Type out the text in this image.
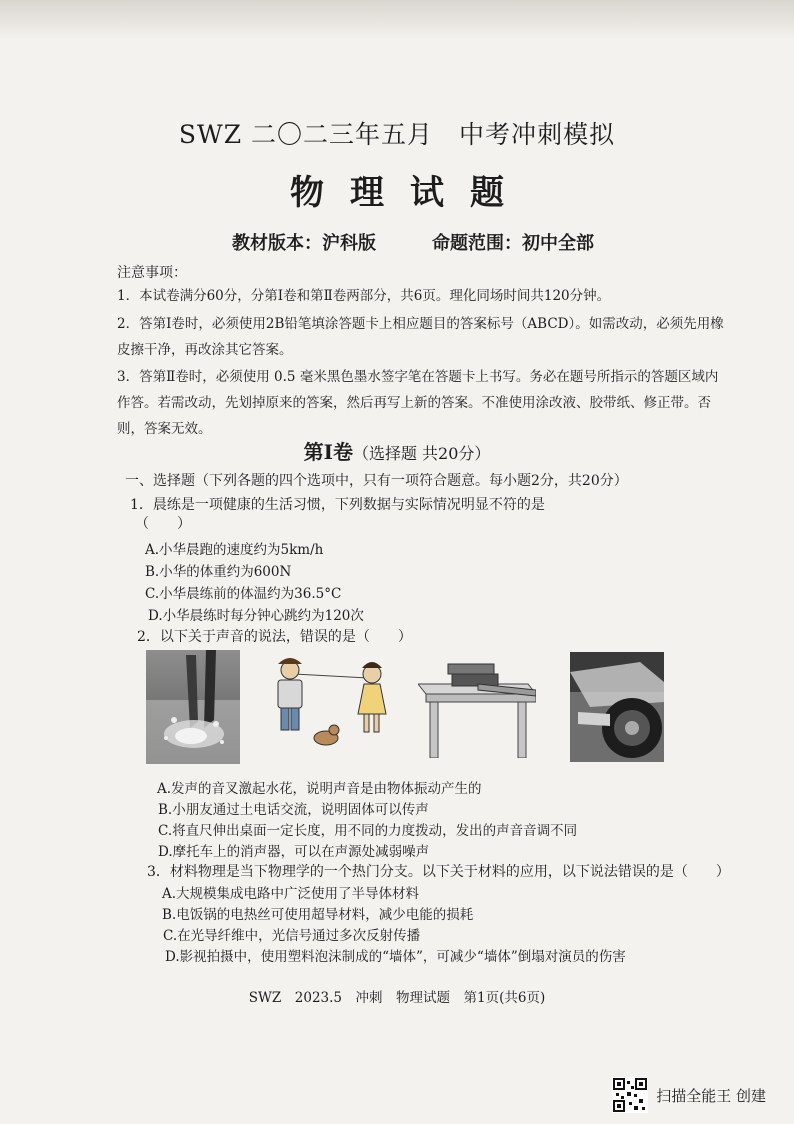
SWZ 二〇二三年五月　中考冲刺模拟
物理试题
教材版本：沪科版	命题范围：初中全部
注意事项：
1．本试卷满分60分，分第Ⅰ卷和第Ⅱ卷两部分，共6页。理化同场时间共120分钟。
2．答第Ⅰ卷时，必须使用2B铅笔填涂答题卡上相应题目的答案标号（ABCD）。如需改动，必须先用橡皮擦干净，再改涂其它答案。
3．答第Ⅱ卷时，必须使用 0.5 毫米黑色墨水签字笔在答题卡上书写。务必在题号所指示的答题区域内作答。若需改动，先划掉原来的答案，然后再写上新的答案。不准使用涂改液、胶带纸、修正带。否则，答案无效。
第Ⅰ卷（选择题 共20分）
一、选择题（下列各题的四个选项中，只有一项符合题意。每小题2分，共20分）
1．晨练是一项健康的生活习惯，下列数据与实际情况明显不符的是
（　　）
A.小华晨跑的速度约为5km/h
B.小华的体重约为600N
C.小华晨练前的体温约为36.5°C
D.小华晨练时每分钟心跳约为120次
2．以下关于声音的说法，错误的是（　　）
A.发声的音叉激起水花，说明声音是由物体振动产生的
B.小朋友通过土电话交流，说明固体可以传声
C.将直尺伸出桌面一定长度，用不同的力度拨动，发出的声音音调不同
D.摩托车上的消声器，可以在声源处减弱噪声
3．材料物理是当下物理学的一个热门分支。以下关于材料的应用，以下说法错误的是（　　）
A.大规模集成电路中广泛使用了半导体材料
B.电饭锅的电热丝可使用超导材料，减少电能的损耗
C.在光导纤维中，光信号通过多次反射传播
D.影视拍摄中，使用塑料泡沫制成的“墙体”，可减少“墙体”倒塌对演员的伤害
SWZ　2023.5　冲刺　物理试题　第1页(共6页)
扫描全能王 创建
